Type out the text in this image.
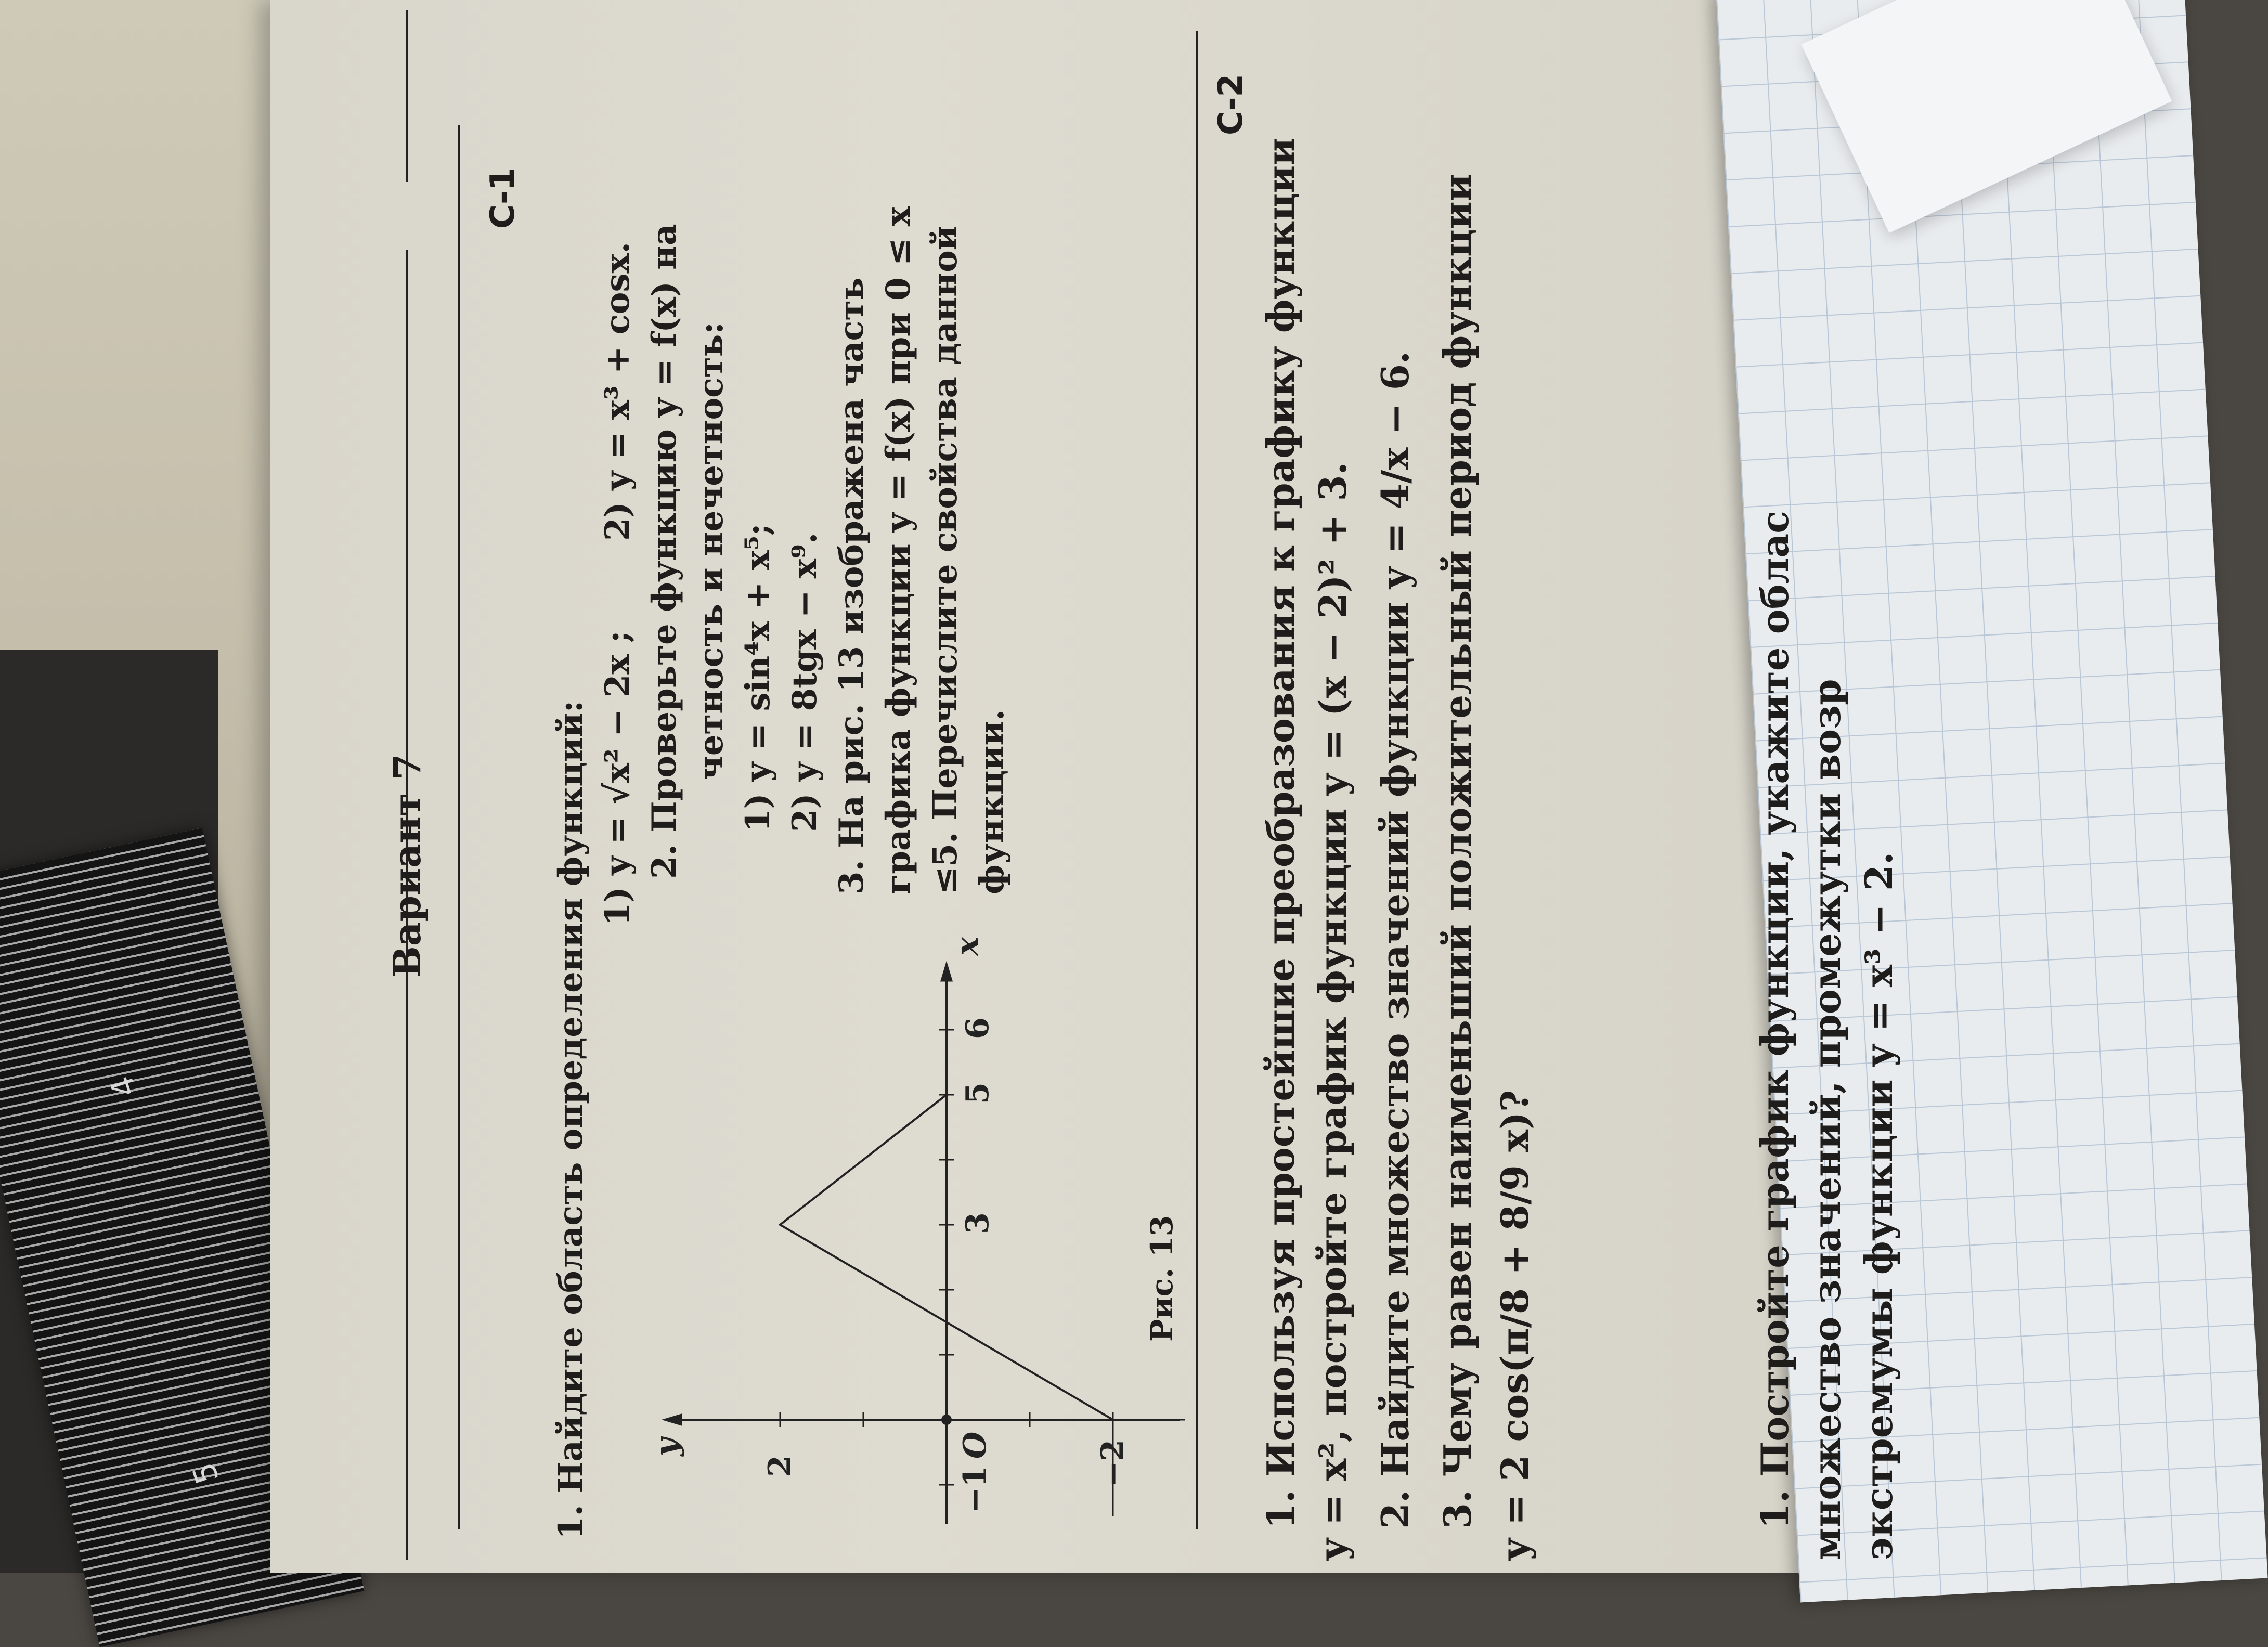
4
5
Вариант 7
С-1
1. Найдите область определения функций: 1) y = √x² − 2x ;
2) y = x³ + cosx. 2. Проверьте функцию y = f(x) на четность и нечетность: 1) y = sin⁴x + x⁵; 2) y = 8tgx − x⁹. 3. На рис. 13 изображена часть графика функции y = f(x) при 0 ≤ x ≤5. Перечислите свойства данной функции.
y
x
O
−1
3
5
6
2	−2
Рис. 13
С-2
1. Используя простейшие преобразования к графику функции y = x², постройте график функции y = (x − 2)² + 3. 2. Найдите множество значений функции y = 4/x − 6. 3. Чему равен наименьший положительный период функции y = 2 cos(π/8 + 8/9 x)?	1. Постройте график функции, укажите облас множество значений, промежутки возр экстремумы функции y = x³ − 2.
